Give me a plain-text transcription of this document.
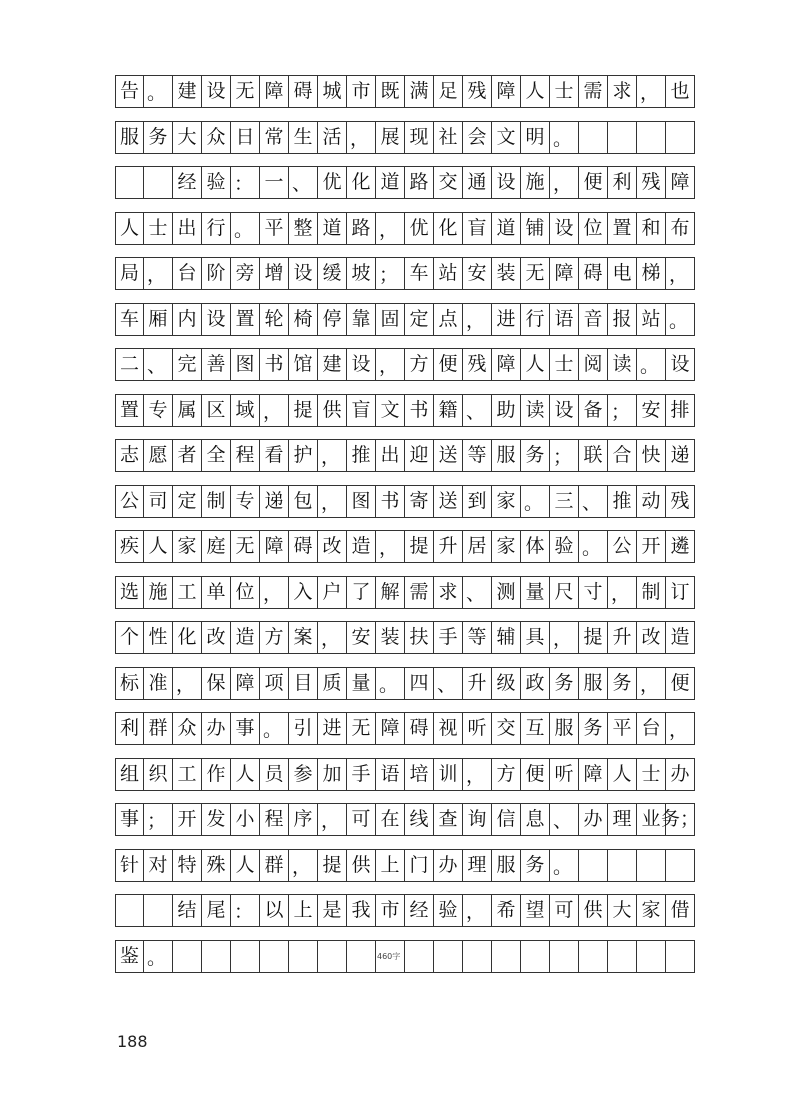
告 。 建 设 无 障 碍 城 市 既 满 足 残 障 人 士 需 求 ， 也
服 务 大 众 日 常 生 活 ， 展 现 社 会 文 明 。
经 验 ： 一 、 优 化 道 路 交 通 设 施 ， 便 利 残 障
人 士 出 行 。 平 整 道 路 ， 优 化 盲 道 铺 设 位 置 和 布
局 ， 台 阶 旁 增 设 缓 坡 ； 车 站 安 装 无 障 碍 电 梯 ，
车 厢 内 设 置 轮 椅 停 靠 固 定 点 ， 进 行 语 音 报 站 。
二 、 完 善 图 书 馆 建 设 ， 方 便 残 障 人 士 阅 读 。 设
置 专 属 区 域 ， 提 供 盲 文 书 籍 、 助 读 设 备 ； 安 排
志 愿 者 全 程 看 护 ， 推 出 迎 送 等 服 务 ； 联 合 快 递
公 司 定 制 专 递 包 ， 图 书 寄 送 到 家 。 三 、 推 动 残
疾 人 家 庭 无 障 碍 改 造 ， 提 升 居 家 体 验 。 公 开 遴
选 施 工 单 位 ， 入 户 了 解 需 求 、 测 量 尺 寸 ， 制 订
个 性 化 改 造 方 案 ， 安 装 扶 手 等 辅 具 ， 提 升 改 造
标 准 ， 保 障 项 目 质 量 。 四 、 升 级 政 务 服 务 ， 便
利 群 众 办 事 。 引 进 无 障 碍 视 听 交 互 服 务 平 台 ，
组 织 工 作 人 员 参 加 手 语 培 训 ， 方 便 听 障 人 士 办
事 ； 开 发 小 程 序 ， 可 在 线 查 询 信 息 、 办 理 业 务；
针 对 特 殊 人 群 ， 提 供 上 门 办 理 服 务 。
结 尾 ： 以 上 是 我 市 经 验 ， 希 望 可 供 大 家 借
鉴 。	460字
188
